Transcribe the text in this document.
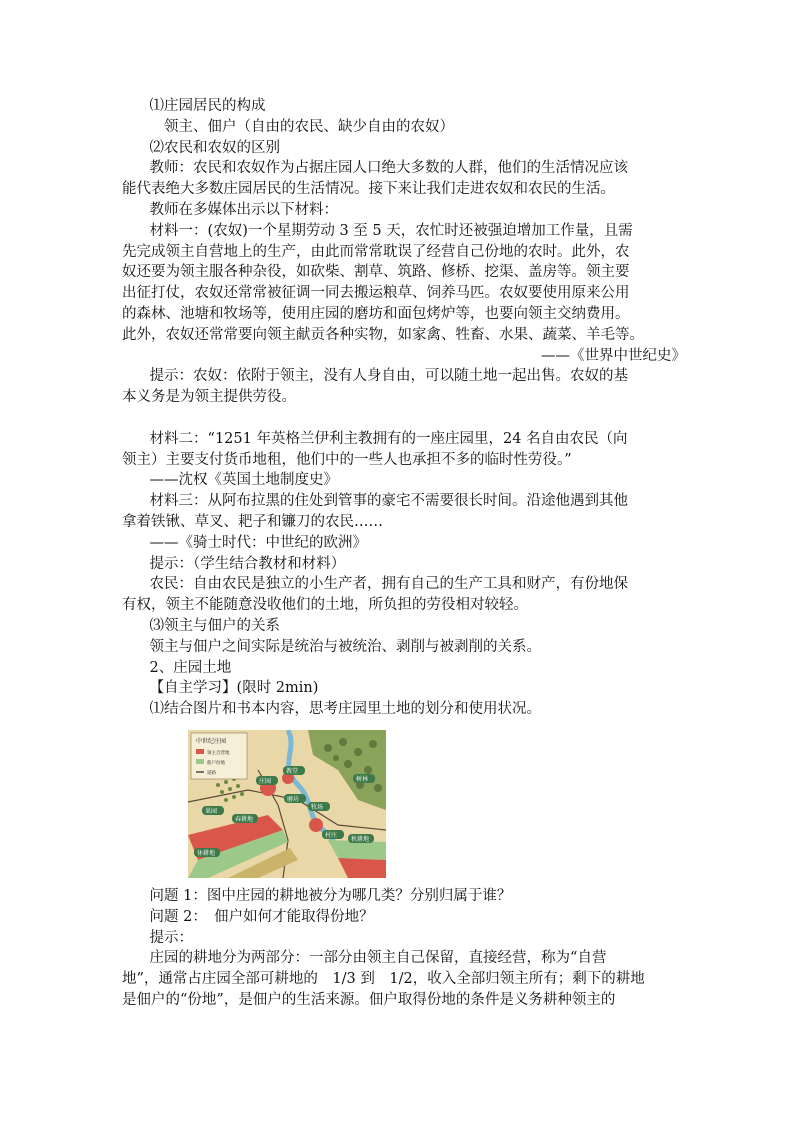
⑴庄园居民的构成

领主、佃户（自由的农民、缺少自由的农奴）

⑵农民和农奴的区别

教师：农民和农奴作为占据庄园人口绝大多数的人群，他们的生活情况应该

能代表绝大多数庄园居民的生活情况。接下来让我们走进农奴和农民的生活。

教师在多媒体出示以下材料：

材料一：(农奴)一个星期劳动 3 至 5 天，农忙时还被强迫增加工作量，且需

先完成领主自营地上的生产，由此而常常耽误了经营自己份地的农时。此外，农

奴还要为领主服各种杂役，如砍柴、割草、筑路、修桥、挖渠、盖房等。领主要

出征打仗，农奴还常常被征调一同去搬运粮草、饲养马匹。农奴要使用原来公用

的森林、池塘和牧场等，使用庄园的磨坊和面包烤炉等，也要向领主交纳费用。

此外，农奴还常常要向领主献贡各种实物，如家禽、牲畜、水果、蔬菜、羊毛等。

——《世界中世纪史》

提示：农奴：依附于领主，没有人身自由，可以随土地一起出售。农奴的基

本义务是为领主提供劳役。

材料二：“1251 年英格兰伊利主教拥有的一座庄园里，24 名自由农民（向

领主）主要支付货币地租，他们中的一些人也承担不多的临时性劳役。”

——沈权《英国土地制度史》

材料三：从阿布拉黑的住处到管事的豪宅不需要很长时间。沿途他遇到其他

拿着铁锹、草叉、耙子和镰刀的农民……

——《骑士时代：中世纪的欧洲》

提示：（学生结合教材和材料）

农民：自由农民是独立的小生产者，拥有自己的生产工具和财产，有份地保

有权，领主不能随意没收他们的土地，所负担的劳役相对较轻。

⑶领主与佃户的关系

领主与佃户之间实际是统治与被统治、剥削与被剥削的关系。

2、庄园土地

【自主学习】(限时 2min)

⑴结合图片和书本内容，思考庄园里土地的划分和使用状况。

中世纪庄园
领主自营地
佃户份地
道路
庄园
教堂
牧场
村庄
春耕地
休耕地
秋耕地
树林
果园
磨坊

问题 1：图中庄园的耕地被分为哪几类？分别归属于谁？

问题 2：　佃户如何才能取得份地？

提示：

庄园的耕地分为两部分：一部分由领主自己保留，直接经营，称为“自营

地”，通常占庄园全部可耕地的　1/3 到　1/2，收入全部归领主所有；剩下的耕地

是佃户的“份地”，是佃户的生活来源。佃户取得份地的条件是义务耕种领主的
